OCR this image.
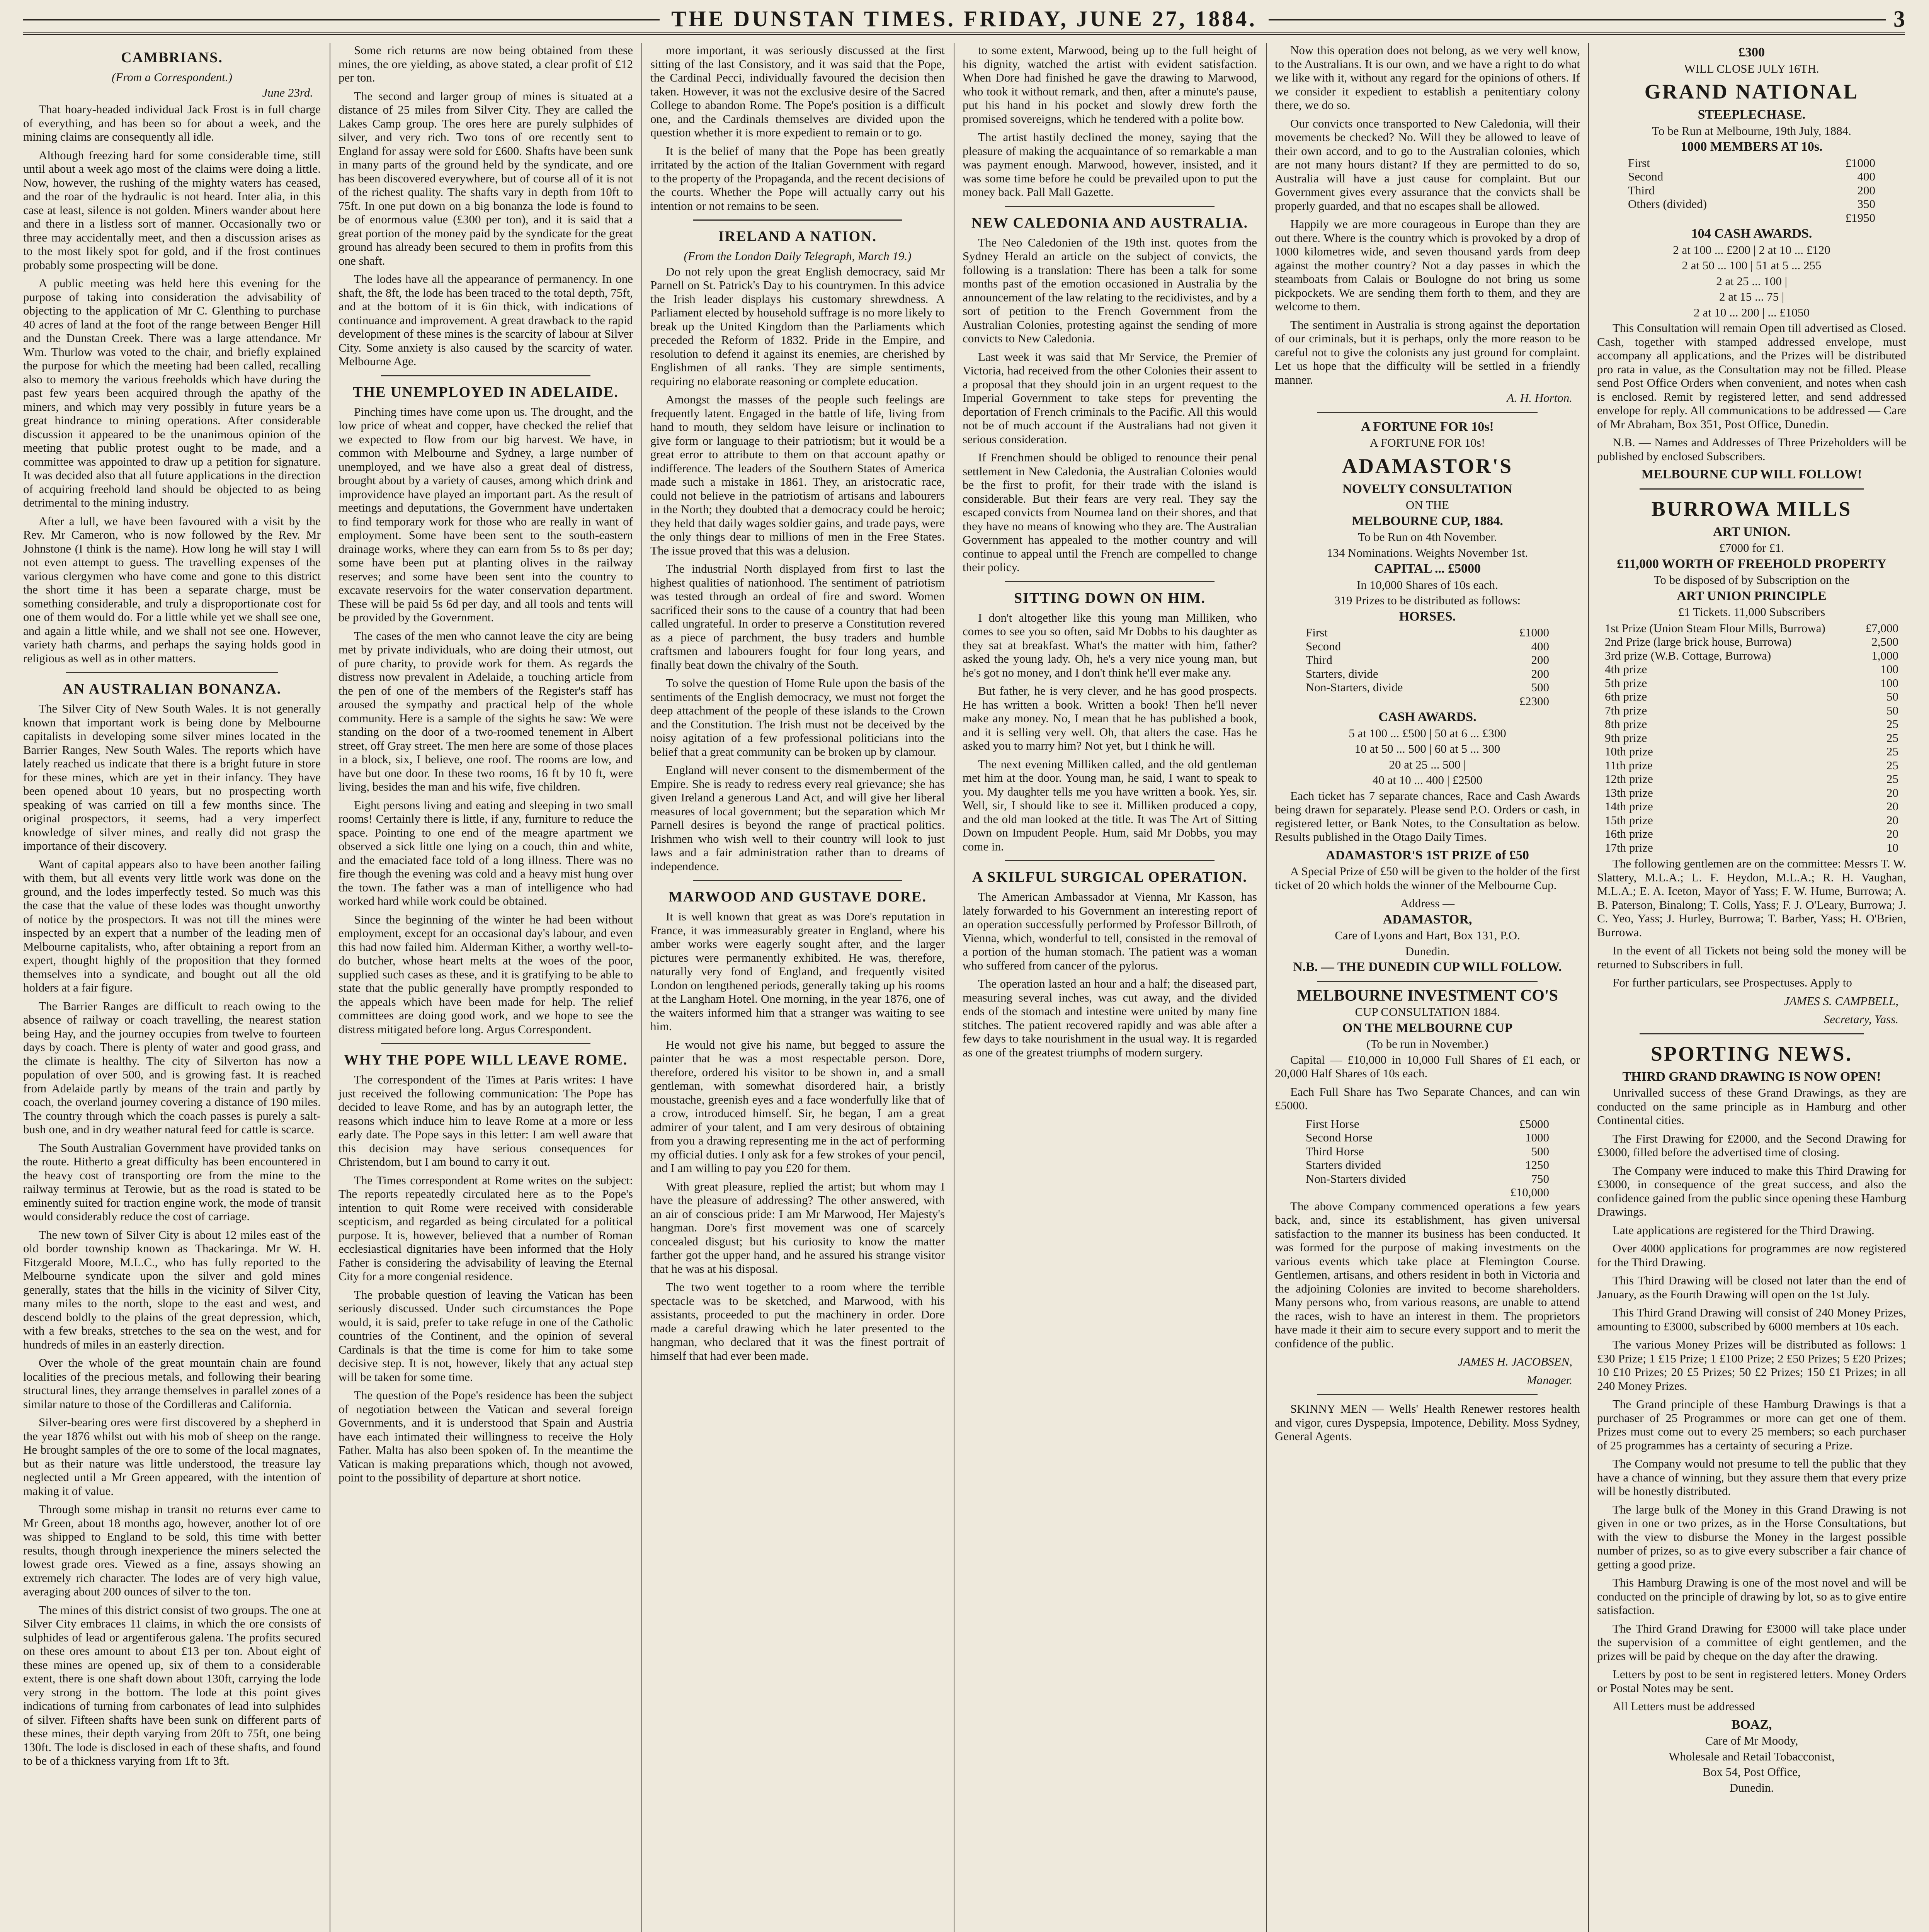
THE DUNSTAN TIMES. FRIDAY, JUNE 27, 1884.	3
CAMBRIANS.
(From a Correspondent.)
June 23rd.

That hoary-headed individual Jack Frost is in full charge of everything, and has been so for about a week, and the mining claims are consequently all idle.

Although freezing hard for some considerable time, still until about a week ago most of the claims were doing a little. Now, however, the rushing of the mighty waters has ceased, and the roar of the hydraulic is not heard. Inter alia, in this case at least, silence is not golden. Miners wander about here and there in a listless sort of manner. Occasionally two or three may accidentally meet, and then a discussion arises as to the most likely spot for gold, and if the frost continues probably some prospecting will be done.

A public meeting was held here this evening for the purpose of taking into consideration the advisability of objecting to the application of Mr C. Glenthing to purchase 40 acres of land at the foot of the range between Benger Hill and the Dunstan Creek. There was a large attendance. Mr Wm. Thurlow was voted to the chair, and briefly explained the purpose for which the meeting had been called, recalling also to memory the various freeholds which have during the past few years been acquired through the apathy of the miners, and which may very possibly in future years be a great hindrance to mining operations. After considerable discussion it appeared to be the unanimous opinion of the meeting that public protest ought to be made, and a committee was appointed to draw up a petition for signature. It was decided also that all future applications in the direction of acquiring freehold land should be objected to as being detrimental to the mining industry.

After a lull, we have been favoured with a visit by the Rev. Mr Cameron, who is now followed by the Rev. Mr Johnstone (I think is the name). How long he will stay I will not even attempt to guess. The travelling expenses of the various clergymen who have come and gone to this district the short time it has been a separate charge, must be something considerable, and truly a disproportionate cost for one of them would do. For a little while yet we shall see one, and again a little while, and we shall not see one. However, variety hath charms, and perhaps the saying holds good in religious as well as in other matters.

AN AUSTRALIAN BONANZA.

The Silver City of New South Wales. It is not generally known that important work is being done by Melbourne capitalists in developing some silver mines located in the Barrier Ranges, New South Wales. The reports which have lately reached us indicate that there is a bright future in store for these mines, which are yet in their infancy. They have been opened about 10 years, but no prospecting worth speaking of was carried on till a few months since. The original prospectors, it seems, had a very imperfect knowledge of silver mines, and really did not grasp the importance of their discovery.

Want of capital appears also to have been another failing with them, but all events very little work was done on the ground, and the lodes imperfectly tested. So much was this the case that the value of these lodes was thought unworthy of notice by the prospectors. It was not till the mines were inspected by an expert that a number of the leading men of Melbourne capitalists, who, after obtaining a report from an expert, thought highly of the proposition that they formed themselves into a syndicate, and bought out all the old holders at a fair figure.

The Barrier Ranges are difficult to reach owing to the absence of railway or coach travelling, the nearest station being Hay, and the journey occupies from twelve to fourteen days by coach. There is plenty of water and good grass, and the climate is healthy. The city of Silverton has now a population of over 500, and is growing fast. It is reached from Adelaide partly by means of the train and partly by coach, the overland journey covering a distance of 190 miles. The country through which the coach passes is purely a salt-bush one, and in dry weather natural feed for cattle is scarce.

The South Australian Government have provided tanks on the route. Hitherto a great difficulty has been encountered in the heavy cost of transporting ore from the mine to the railway terminus at Terowie, but as the road is stated to be eminently suited for traction engine work, the mode of transit would considerably reduce the cost of carriage.

The new town of Silver City is about 12 miles east of the old border township known as Thackaringa. Mr W. H. Fitzgerald Moore, M.L.C., who has fully reported to the Melbourne syndicate upon the silver and gold mines generally, states that the hills in the vicinity of Silver City, many miles to the north, slope to the east and west, and descend boldly to the plains of the great depression, which, with a few breaks, stretches to the sea on the west, and for hundreds of miles in an easterly direction.

Over the whole of the great mountain chain are found localities of the precious metals, and following their bearing structural lines, they arrange themselves in parallel zones of a similar nature to those of the Cordilleras and California.

Silver-bearing ores were first discovered by a shepherd in the year 1876 whilst out with his mob of sheep on the range. He brought samples of the ore to some of the local magnates, but as their nature was little understood, the treasure lay neglected until a Mr Green appeared, with the intention of making it of value.

Through some mishap in transit no returns ever came to Mr Green, about 18 months ago, however, another lot of ore was shipped to England to be sold, this time with better results, though through inexperience the miners selected the lowest grade ores. Viewed as a fine, assays showing an extremely rich character. The lodes are of very high value, averaging about 200 ounces of silver to the ton.

The mines of this district consist of two groups. The one at Silver City embraces 11 claims, in which the ore consists of sulphides of lead or argentiferous galena. The profits secured on these ores amount to about £13 per ton. About eight of these mines are opened up, six of them to a considerable extent, there is one shaft down about 130ft, carrying the lode very strong in the bottom. The lode at this point gives indications of turning from carbonates of lead into sulphides of silver. Fifteen shafts have been sunk on different parts of these mines, their depth varying from 20ft to 75ft, one being 130ft. The lode is disclosed in each of these shafts, and found to be of a thickness varying from 1ft to 3ft.

Some rich returns are now being obtained from these mines, the ore yielding, as above stated, a clear profit of £12 per ton.

The second and larger group of mines is situated at a distance of 25 miles from Silver City. They are called the Lakes Camp group. The ores here are purely sulphides of silver, and very rich. Two tons of ore recently sent to England for assay were sold for £600. Shafts have been sunk in many parts of the ground held by the syndicate, and ore has been discovered everywhere, but of course all of it is not of the richest quality. The shafts vary in depth from 10ft to 75ft. In one put down on a big bonanza the lode is found to be of enormous value (£300 per ton), and it is said that a great portion of the money paid by the syndicate for the great ground has already been secured to them in profits from this one shaft.

The lodes have all the appearance of permanency. In one shaft, the 8ft, the lode has been traced to the total depth, 75ft, and at the bottom of it is 6in thick, with indications of continuance and improvement. A great drawback to the rapid development of these mines is the scarcity of labour at Silver City. Some anxiety is also caused by the scarcity of water. Melbourne Age.

THE UNEMPLOYED IN ADELAIDE.

Pinching times have come upon us. The drought, and the low price of wheat and copper, have checked the relief that we expected to flow from our big harvest. We have, in common with Melbourne and Sydney, a large number of unemployed, and we have also a great deal of distress, brought about by a variety of causes, among which drink and improvidence have played an important part. As the result of meetings and deputations, the Government have undertaken to find temporary work for those who are really in want of employment. Some have been sent to the south-eastern drainage works, where they can earn from 5s to 8s per day; some have been put at planting olives in the railway reserves; and some have been sent into the country to excavate reservoirs for the water conservation department. These will be paid 5s 6d per day, and all tools and tents will be provided by the Government.

The cases of the men who cannot leave the city are being met by private individuals, who are doing their utmost, out of pure charity, to provide work for them. As regards the distress now prevalent in Adelaide, a touching article from the pen of one of the members of the Register's staff has aroused the sympathy and practical help of the whole community. Here is a sample of the sights he saw: We were standing on the door of a two-roomed tenement in Albert street, off Gray street. The men here are some of those places in a block, six, I believe, one roof. The rooms are low, and have but one door. In these two rooms, 16 ft by 10 ft, were living, besides the man and his wife, five children.

Eight persons living and eating and sleeping in two small rooms! Certainly there is little, if any, furniture to reduce the space. Pointing to one end of the meagre apartment we observed a sick little one lying on a couch, thin and white, and the emaciated face told of a long illness. There was no fire though the evening was cold and a heavy mist hung over the town. The father was a man of intelligence who had worked hard while work could be obtained.

Since the beginning of the winter he had been without employment, except for an occasional day's labour, and even this had now failed him. Alderman Kither, a worthy well-to-do butcher, whose heart melts at the woes of the poor, supplied such cases as these, and it is gratifying to be able to state that the public generally have promptly responded to the appeals which have been made for help. The relief committees are doing good work, and we hope to see the distress mitigated before long. Argus Correspondent.

WHY THE POPE WILL LEAVE ROME.

The correspondent of the Times at Paris writes: I have just received the following communication: The Pope has decided to leave Rome, and has by an autograph letter, the reasons which induce him to leave Rome at a more or less early date. The Pope says in this letter: I am well aware that this decision may have serious consequences for Christendom, but I am bound to carry it out.

The Times correspondent at Rome writes on the subject: The reports repeatedly circulated here as to the Pope's intention to quit Rome were received with considerable scepticism, and regarded as being circulated for a political purpose. It is, however, believed that a number of Roman ecclesiastical dignitaries have been informed that the Holy Father is considering the advisability of leaving the Eternal City for a more congenial residence.

The probable question of leaving the Vatican has been seriously discussed. Under such circumstances the Pope would, it is said, prefer to take refuge in one of the Catholic countries of the Continent, and the opinion of several Cardinals is that the time is come for him to take some decisive step. It is not, however, likely that any actual step will be taken for some time.

The question of the Pope's residence has been the subject of negotiation between the Vatican and several foreign Governments, and it is understood that Spain and Austria have each intimated their willingness to receive the Holy Father. Malta has also been spoken of. In the meantime the Vatican is making preparations which, though not avowed, point to the possibility of departure at short notice.

more important, it was seriously discussed at the first sitting of the last Consistory, and it was said that the Pope, the Cardinal Pecci, individually favoured the decision then taken. However, it was not the exclusive desire of the Sacred College to abandon Rome. The Pope's position is a difficult one, and the Cardinals themselves are divided upon the question whether it is more expedient to remain or to go.

It is the belief of many that the Pope has been greatly irritated by the action of the Italian Government with regard to the property of the Propaganda, and the recent decisions of the courts. Whether the Pope will actually carry out his intention or not remains to be seen.

IRELAND A NATION.
(From the London Daily Telegraph, March 19.)

Do not rely upon the great English democracy, said Mr Parnell on St. Patrick's Day to his countrymen. In this advice the Irish leader displays his customary shrewdness. A Parliament elected by household suffrage is no more likely to break up the United Kingdom than the Parliaments which preceded the Reform of 1832. Pride in the Empire, and resolution to defend it against its enemies, are cherished by Englishmen of all ranks. They are simple sentiments, requiring no elaborate reasoning or complete education.

Amongst the masses of the people such feelings are frequently latent. Engaged in the battle of life, living from hand to mouth, they seldom have leisure or inclination to give form or language to their patriotism; but it would be a great error to attribute to them on that account apathy or indifference. The leaders of the Southern States of America made such a mistake in 1861. They, an aristocratic race, could not believe in the patriotism of artisans and labourers in the North; they doubted that a democracy could be heroic; they held that daily wages soldier gains, and trade pays, were the only things dear to millions of men in the Free States. The issue proved that this was a delusion.

The industrial North displayed from first to last the highest qualities of nationhood. The sentiment of patriotism was tested through an ordeal of fire and sword. Women sacrificed their sons to the cause of a country that had been called ungrateful. In order to preserve a Constitution revered as a piece of parchment, the busy traders and humble craftsmen and labourers fought for four long years, and finally beat down the chivalry of the South.

To solve the question of Home Rule upon the basis of the sentiments of the English democracy, we must not forget the deep attachment of the people of these islands to the Crown and the Constitution. The Irish must not be deceived by the noisy agitation of a few professional politicians into the belief that a great community can be broken up by clamour.

England will never consent to the dismemberment of the Empire. She is ready to redress every real grievance; she has given Ireland a generous Land Act, and will give her liberal measures of local government; but the separation which Mr Parnell desires is beyond the range of practical politics. Irishmen who wish well to their country will look to just laws and a fair administration rather than to dreams of independence.

MARWOOD AND GUSTAVE DORE.

It is well known that great as was Dore's reputation in France, it was immeasurably greater in England, where his amber works were eagerly sought after, and the larger pictures were permanently exhibited. He was, therefore, naturally very fond of England, and frequently visited London on lengthened periods, generally taking up his rooms at the Langham Hotel. One morning, in the year 1876, one of the waiters informed him that a stranger was waiting to see him.

He would not give his name, but begged to assure the painter that he was a most respectable person. Dore, therefore, ordered his visitor to be shown in, and a small gentleman, with somewhat disordered hair, a bristly moustache, greenish eyes and a face wonderfully like that of a crow, introduced himself. Sir, he began, I am a great admirer of your talent, and I am very desirous of obtaining from you a drawing representing me in the act of performing my official duties. I only ask for a few strokes of your pencil, and I am willing to pay you £20 for them.

With great pleasure, replied the artist; but whom may I have the pleasure of addressing? The other answered, with an air of conscious pride: I am Mr Marwood, Her Majesty's hangman. Dore's first movement was one of scarcely concealed disgust; but his curiosity to know the matter farther got the upper hand, and he assured his strange visitor that he was at his disposal.

The two went together to a room where the terrible spectacle was to be sketched, and Marwood, with his assistants, proceeded to put the machinery in order. Dore made a careful drawing which he later presented to the hangman, who declared that it was the finest portrait of himself that had ever been made.

to some extent, Marwood, being up to the full height of his dignity, watched the artist with evident satisfaction. When Dore had finished he gave the drawing to Marwood, who took it without remark, and then, after a minute's pause, put his hand in his pocket and slowly drew forth the promised sovereigns, which he tendered with a polite bow.

The artist hastily declined the money, saying that the pleasure of making the acquaintance of so remarkable a man was payment enough. Marwood, however, insisted, and it was some time before he could be prevailed upon to put the money back. Pall Mall Gazette.

NEW CALEDONIA AND AUSTRALIA.

The Neo Caledonien of the 19th inst. quotes from the Sydney Herald an article on the subject of convicts, the following is a translation: There has been a talk for some months past of the emotion occasioned in Australia by the announcement of the law relating to the recidivistes, and by a sort of petition to the French Government from the Australian Colonies, protesting against the sending of more convicts to New Caledonia.

Last week it was said that Mr Service, the Premier of Victoria, had received from the other Colonies their assent to a proposal that they should join in an urgent request to the Imperial Government to take steps for preventing the deportation of French criminals to the Pacific. All this would not be of much account if the Australians had not given it serious consideration.

If Frenchmen should be obliged to renounce their penal settlement in New Caledonia, the Australian Colonies would be the first to profit, for their trade with the island is considerable. But their fears are very real. They say the escaped convicts from Noumea land on their shores, and that they have no means of knowing who they are. The Australian Government has appealed to the mother country and will continue to appeal until the French are compelled to change their policy.

SITTING DOWN ON HIM.

I don't altogether like this young man Milliken, who comes to see you so often, said Mr Dobbs to his daughter as they sat at breakfast. What's the matter with him, father? asked the young lady. Oh, he's a very nice young man, but he's got no money, and I don't think he'll ever make any.

But father, he is very clever, and he has good prospects. He has written a book. Written a book! Then he'll never make any money. No, I mean that he has published a book, and it is selling very well. Oh, that alters the case. Has he asked you to marry him? Not yet, but I think he will.

The next evening Milliken called, and the old gentleman met him at the door. Young man, he said, I want to speak to you. My daughter tells me you have written a book. Yes, sir. Well, sir, I should like to see it. Milliken produced a copy, and the old man looked at the title. It was The Art of Sitting Down on Impudent People. Hum, said Mr Dobbs, you may come in.

A SKILFUL SURGICAL OPERATION.

The American Ambassador at Vienna, Mr Kasson, has lately forwarded to his Government an interesting report of an operation successfully performed by Professor Billroth, of Vienna, which, wonderful to tell, consisted in the removal of a portion of the human stomach. The patient was a woman who suffered from cancer of the pylorus.

The operation lasted an hour and a half; the diseased part, measuring several inches, was cut away, and the divided ends of the stomach and intestine were united by many fine stitches. The patient recovered rapidly and was able after a few days to take nourishment in the usual way. It is regarded as one of the greatest triumphs of modern surgery.

Now this operation does not belong, as we very well know, to the Australians. It is our own, and we have a right to do what we like with it, without any regard for the opinions of others. If we consider it expedient to establish a penitentiary colony there, we do so.

Our convicts once transported to New Caledonia, will their movements be checked? No. Will they be allowed to leave of their own accord, and to go to the Australian colonies, which are not many hours distant? If they are permitted to do so, Australia will have a just cause for complaint. But our Government gives every assurance that the convicts shall be properly guarded, and that no escapes shall be allowed.

Happily we are more courageous in Europe than they are out there. Where is the country which is provoked by a drop of 1000 kilometres wide, and seven thousand yards from deep against the mother country? Not a day passes in which the steamboats from Calais or Boulogne do not bring us some pickpockets. We are sending them forth to them, and they are welcome to them.

The sentiment in Australia is strong against the deportation of our criminals, but it is perhaps, only the more reason to be careful not to give the colonists any just ground for complaint. Let us hope that the difficulty will be settled in a friendly manner.

A. H. Horton.
A FORTUNE FOR 10s!
A FORTUNE FOR 10s!
ADAMASTOR'S
NOVELTY CONSULTATION
ON THE
MELBOURNE CUP, 1884.
To be Run on 4th November.
134 Nominations. Weights November 1st.
CAPITAL ... £5000
In 10,000 Shares of 10s each.
319 Prizes to be distributed as follows:
HORSES.
First	£1000
Second	400
Third	200
Starters, divide	200
Non-Starters, divide	500
£2300
CASH AWARDS.
5 at 100 ... £500 | 50 at 6 ... £300
10 at 50 ... 500 | 60 at 5 ... 300
20 at 25 ... 500 |
40 at 10 ... 400 | £2500

Each ticket has 7 separate chances, Race and Cash Awards being drawn for separately. Please send P.O. Orders or cash, in registered letter, or Bank Notes, to the Consultation as below. Results published in the Otago Daily Times.

ADAMASTOR'S 1ST PRIZE of £50

A Special Prize of £50 will be given to the holder of the first ticket of 20 which holds the winner of the Melbourne Cup.

Address —
ADAMASTOR,
Care of Lyons and Hart, Box 131, P.O.
Dunedin.
N.B. — THE DUNEDIN CUP WILL FOLLOW.
MELBOURNE INVESTMENT CO'S
CUP CONSULTATION 1884.
ON THE MELBOURNE CUP
(To be run in November.)

Capital — £10,000 in 10,000 Full Shares of £1 each, or 20,000 Half Shares of 10s each.

Each Full Share has Two Separate Chances, and can win £5000.

First Horse	£5000
Second Horse	1000
Third Horse	500
Starters divided	1250
Non-Starters divided	750
£10,000

The above Company commenced operations a few years back, and, since its establishment, has given universal satisfaction to the manner its business has been conducted. It was formed for the purpose of making investments on the various events which take place at Flemington Course. Gentlemen, artisans, and others resident in both in Victoria and the adjoining Colonies are invited to become shareholders. Many persons who, from various reasons, are unable to attend the races, wish to have an interest in them. The proprietors have made it their aim to secure every support and to merit the confidence of the public.

JAMES H. JACOBSEN,
Manager.

SKINNY MEN — Wells' Health Renewer restores health and vigor, cures Dyspepsia, Impotence, Debility. Moss Sydney, General Agents.

£300
WILL CLOSE JULY 16TH.
GRAND NATIONAL
STEEPLECHASE.
To be Run at Melbourne, 19th July, 1884.
1000 MEMBERS AT 10s.
First	£1000
Second	400
Third	200
Others (divided)	350
£1950
104 CASH AWARDS.
2 at 100 ... £200 | 2 at 10 ... £120
2 at 50 ... 100 | 51 at 5 ... 255
2 at 25 ... 100 |
2 at 15 ... 75 |
2 at 10 ... 200 | ... £1050

This Consultation will remain Open till advertised as Closed. Cash, together with stamped addressed envelope, must accompany all applications, and the Prizes will be distributed pro rata in value, as the Consultation may not be filled. Please send Post Office Orders when convenient, and notes when cash is enclosed. Remit by registered letter, and send addressed envelope for reply. All communications to be addressed — Care of Mr Abraham, Box 351, Post Office, Dunedin.

N.B. — Names and Addresses of Three Prizeholders will be published by enclosed Subscribers.

MELBOURNE CUP WILL FOLLOW!
BURROWA MILLS
ART UNION.
£7000 for £1.
£11,000 WORTH OF FREEHOLD PROPERTY
To be disposed of by Subscription on the
ART UNION PRINCIPLE
£1 Tickets. 11,000 Subscribers
1st Prize (Union Steam Flour Mills, Burrowa)	£7,000
2nd Prize (large brick house, Burrowa)	2,500
3rd prize (W.B. Cottage, Burrowa)	1,000
4th prize	100
5th prize	100
6th prize	50
7th prize	50
8th prize	25
9th prize	25
10th prize	25
11th prize	25
12th prize	25
13th prize	20
14th prize	20
15th prize	20
16th prize	20
17th prize	10

The following gentlemen are on the committee: Messrs T. W. Slattery, M.L.A.; L. F. Heydon, M.L.A.; R. H. Vaughan, M.L.A.; E. A. Iceton, Mayor of Yass; F. W. Hume, Burrowa; A. B. Paterson, Binalong; T. Colls, Yass; F. J. O'Leary, Burrowa; J. C. Yeo, Yass; J. Hurley, Burrowa; T. Barber, Yass; H. O'Brien, Burrowa.

In the event of all Tickets not being sold the money will be returned to Subscribers in full.

For further particulars, see Prospectuses. Apply to

JAMES S. CAMPBELL,
Secretary, Yass.
SPORTING NEWS.
THIRD GRAND DRAWING IS NOW OPEN!

Unrivalled success of these Grand Drawings, as they are conducted on the same principle as in Hamburg and other Continental cities.

The First Drawing for £2000, and the Second Drawing for £3000, filled before the advertised time of closing.

The Company were induced to make this Third Drawing for £3000, in consequence of the great success, and also the confidence gained from the public since opening these Hamburg Drawings.

Late applications are registered for the Third Drawing.

Over 4000 applications for programmes are now registered for the Third Drawing.

This Third Drawing will be closed not later than the end of January, as the Fourth Drawing will open on the 1st July.

This Third Grand Drawing will consist of 240 Money Prizes, amounting to £3000, subscribed by 6000 members at 10s each.

The various Money Prizes will be distributed as follows: 1 £30 Prize; 1 £15 Prize; 1 £100 Prize; 2 £50 Prizes; 5 £20 Prizes; 10 £10 Prizes; 20 £5 Prizes; 50 £2 Prizes; 150 £1 Prizes; in all 240 Money Prizes.

The Grand principle of these Hamburg Drawings is that a purchaser of 25 Programmes or more can get one of them. Prizes must come out to every 25 members; so each purchaser of 25 programmes has a certainty of securing a Prize.

The Company would not presume to tell the public that they have a chance of winning, but they assure them that every prize will be honestly distributed.

The large bulk of the Money in this Grand Drawing is not given in one or two prizes, as in the Horse Consultations, but with the view to disburse the Money in the largest possible number of prizes, so as to give every subscriber a fair chance of getting a good prize.

This Hamburg Drawing is one of the most novel and will be conducted on the principle of drawing by lot, so as to give entire satisfaction.

The Third Grand Drawing for £3000 will take place under the supervision of a committee of eight gentlemen, and the prizes will be paid by cheque on the day after the drawing.

Letters by post to be sent in registered letters. Money Orders or Postal Notes may be sent.

All Letters must be addressed

BOAZ,
Care of Mr Moody,
Wholesale and Retail Tobacconist,
Box 54, Post Office,
Dunedin.
